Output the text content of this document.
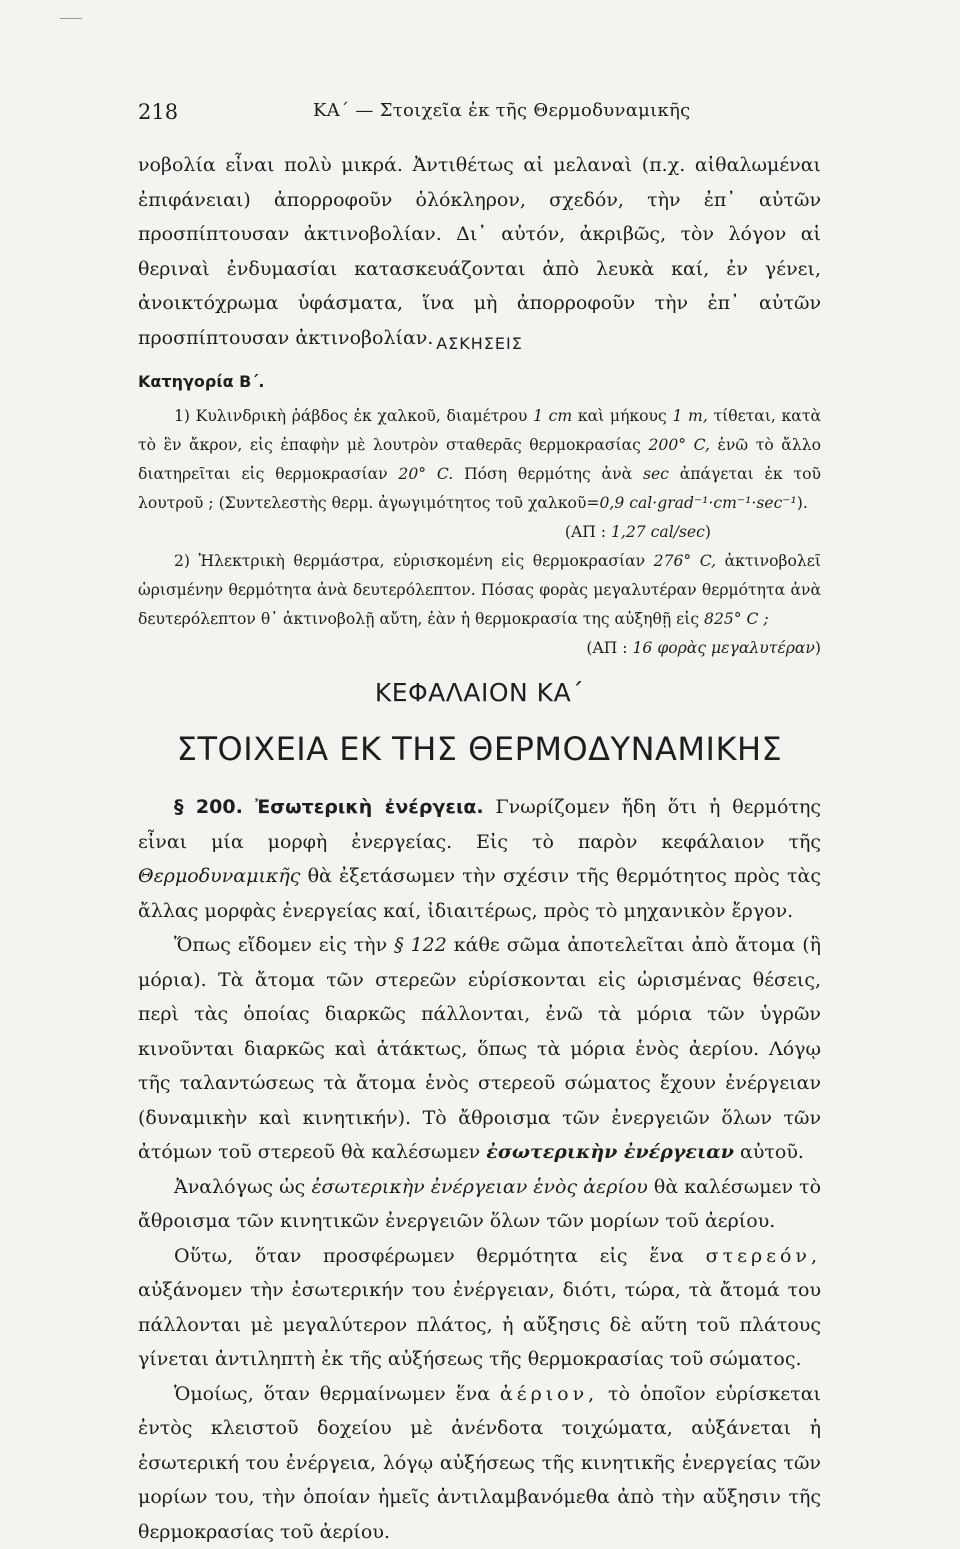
218	ΚΑ΄ — Στοιχεῖα ἐκ τῆς Θερμοδυναμικῆς

νοβολία εἶναι πολὺ μικρά. Ἀντιθέτως αἱ μελαναὶ (π.χ. αἰθαλωμέναι ἐπιφάνειαι) ἀπορροφοῦν ὁλόκληρον, σχεδόν, τὴν ἐπ᾽ αὐτῶν προσπίπτουσαν ἀκτινοβολίαν. Δι᾽ αὐτόν, ἀκριβῶς, τὸν λόγον αἱ θεριναὶ ἐνδυμασίαι κατασκευάζονται ἀπὸ λευκὰ καί, ἐν γένει, ἀνοικτόχρωμα ὑφάσματα, ἵνα μὴ ἀπορροφοῦν τὴν ἐπ᾽ αὐτῶν προσπίπτουσαν ἀκτινοβολίαν. ΑΣΚΗΣΕΙΣ
Κατηγορία Β΄.

1) Κυλινδρικὴ ῥάβδος ἐκ χαλκοῦ, διαμέτρου 1 cm καὶ μήκους 1 m, τίθεται, κατὰ τὸ ἓν ἄκρον, εἰς ἐπαφὴν μὲ λουτρὸν σταθερᾶς θερμοκρασίας 200° C, ἐνῶ τὸ ἄλλο διατηρεῖται εἰς θερμοκρασίαν 20° C. Πόση θερμότης ἀνὰ sec ἀπάγεται ἐκ τοῦ λουτροῦ ; (Συντελεστὴς θερμ. ἀγωγιμότητος τοῦ χαλκοῦ=0,9 cal·grad⁻¹·cm⁻¹·sec⁻¹).

(ΑΠ : 1,27 cal/sec)

2) Ἠλεκτρικὴ θερμάστρα, εὑρισκομένη εἰς θερμοκρασίαν 276° C, ἀκτινοβολεῖ ὡρισμένην θερμότητα ἀνὰ δευτερόλεπτον. Πόσας φορὰς μεγαλυτέραν θερμότητα ἀνὰ δευτερόλεπτον θ᾽ ἀκτινοβολῇ αὔτη, ἐὰν ἡ θερμοκρασία της αὐξηθῇ εἰς 825° C ;

(ΑΠ : 16 φορὰς μεγαλυτέραν)

ΚΕΦΑΛΑΙΟΝ ΚΑ΄
ΣΤΟΙΧΕΙΑ ΕΚ ΤΗΣ ΘΕΡΜΟΔΥΝΑΜΙΚΗΣ

§ 200. Ἐσωτερικὴ ἐνέργεια. Γνωρίζομεν ἤδη ὅτι ἡ θερμότης εἶναι μία μορφὴ ἐνεργείας. Εἰς τὸ παρὸν κεφάλαιον τῆς Θερμοδυναμικῆς θὰ ἐξετάσωμεν τὴν σχέσιν τῆς θερμότητος πρὸς τὰς ἄλλας μορφὰς ἐνεργείας καί, ἰδιαιτέρως, πρὸς τὸ μηχανικὸν ἔργον.

Ὅπως εἴδομεν εἰς τὴν § 122 κάθε σῶμα ἀποτελεῖται ἀπὸ ἄτομα (ἢ μόρια). Τὰ ἄτομα τῶν στερεῶν εὑρίσκονται εἰς ὡρισμένας θέσεις, περὶ τὰς ὁποίας διαρκῶς πάλλονται, ἐνῶ τὰ μόρια τῶν ὑγρῶν κινοῦνται διαρκῶς καὶ ἀτάκτως, ὅπως τὰ μόρια ἑνὸς ἀερίου. Λόγῳ τῆς ταλαντώσεως τὰ ἄτομα ἑνὸς στερεοῦ σώματος ἔχουν ἐνέργειαν (δυναμικὴν καὶ κινητικήν). Τὸ ἄθροισμα τῶν ἐνεργειῶν ὅλων τῶν ἀτόμων τοῦ στερεοῦ θὰ καλέσωμεν ἐσωτερικὴν ἐνέργειαν αὐτοῦ.

Ἀναλόγως ὡς ἐσωτερικὴν ἐνέργειαν ἑνὸς ἀερίου θὰ καλέσωμεν τὸ ἄθροισμα τῶν κινητικῶν ἐνεργειῶν ὅλων τῶν μορίων τοῦ ἀερίου.

Οὕτω, ὅταν προσφέρωμεν θερμότητα εἰς ἕνα στερεόν, αὐξάνομεν τὴν ἐσωτερικήν του ἐνέργειαν, διότι, τώρα, τὰ ἄτομά του πάλλονται μὲ μεγαλύτερον πλάτος, ἡ αὔξησις δὲ αὕτη τοῦ πλάτους γίνεται ἀντιληπτὴ ἐκ τῆς αὐξήσεως τῆς θερμοκρασίας τοῦ σώματος.

Ὁμοίως, ὅταν θερμαίνωμεν ἕνα ἀέριον, τὸ ὁποῖον εὑρίσκεται ἐντὸς κλειστοῦ δοχείου μὲ ἀνένδοτα τοιχώματα, αὐξάνεται ἡ ἐσωτερική του ἐνέργεια, λόγῳ αὐξήσεως τῆς κινητικῆς ἐνεργείας τῶν μορίων του, τὴν ὁποίαν ἡμεῖς ἀντιλαμβανόμεθα ἀπὸ τὴν αὔξησιν τῆς θερμοκρασίας τοῦ ἀερίου.
